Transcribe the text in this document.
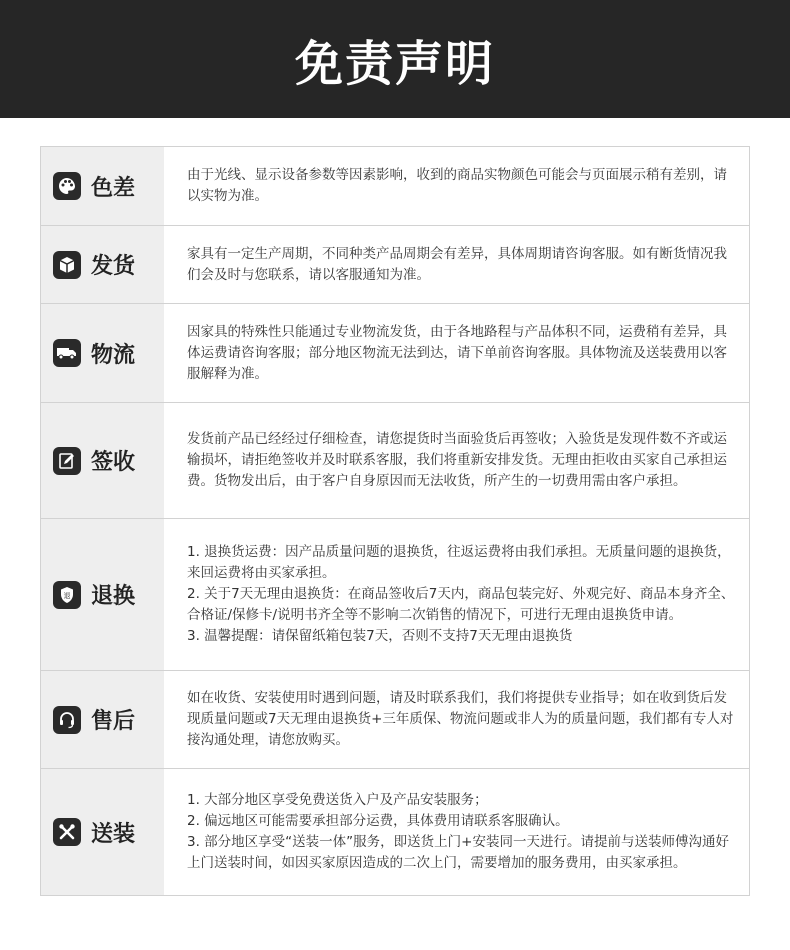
免责声明
色差

由于光线、显示设备参数等因素影响，收到的商品实物颜色可能会与页面展示稍有差别，请以实物为准。

发货

家具有一定生产周期，不同种类产品周期会有差异，具体周期请咨询客服。如有断货情况我们会及时与您联系，请以客服通知为准。

物流

因家具的特殊性只能通过专业物流发货，由于各地路程与产品体积不同，运费稍有差异，具体运费请咨询客服；部分地区物流无法到达，请下单前咨询客服。具体物流及送装费用以客服解释为准。

签收

发货前产品已经经过仔细检查，请您提货时当面验货后再签收；入验货是发现件数不齐或运输损坏，请拒绝签收并及时联系客服，我们将重新安排发货。无理由拒收由买家自己承担运费。货物发出后，由于客户自身原因而无法收货，所产生的一切费用需由客户承担。

退 退换
1. 退换货运费：因产品质量问题的退换货，往返运费将由我们承担。无质量问题的退换货，来回运费将由买家承担。
2. 关于7天无理由退换货：在商品签收后7天内，商品包装完好、外观完好、商品本身齐全、合格证/保修卡/说明书齐全等不影响二次销售的情况下，可进行无理由退换货申请。
3. 温馨提醒：请保留纸箱包装7天，否则不支持7天无理由退换货
售后

如在收货、安装使用时遇到问题，请及时联系我们，我们将提供专业指导；如在收到货后发现质量问题或7天无理由退换货+三年质保、物流问题或非人为的质量问题，我们都有专人对接沟通处理，请您放购买。

送装
1. 大部分地区享受免费送货入户及产品安装服务；
2. 偏远地区可能需要承担部分运费，具体费用请联系客服确认。
3. 部分地区享受“送装一体”服务，即送货上门+安装同一天进行。请提前与送装师傅沟通好上门送装时间，如因买家原因造成的二次上门，需要增加的服务费用，由买家承担。
